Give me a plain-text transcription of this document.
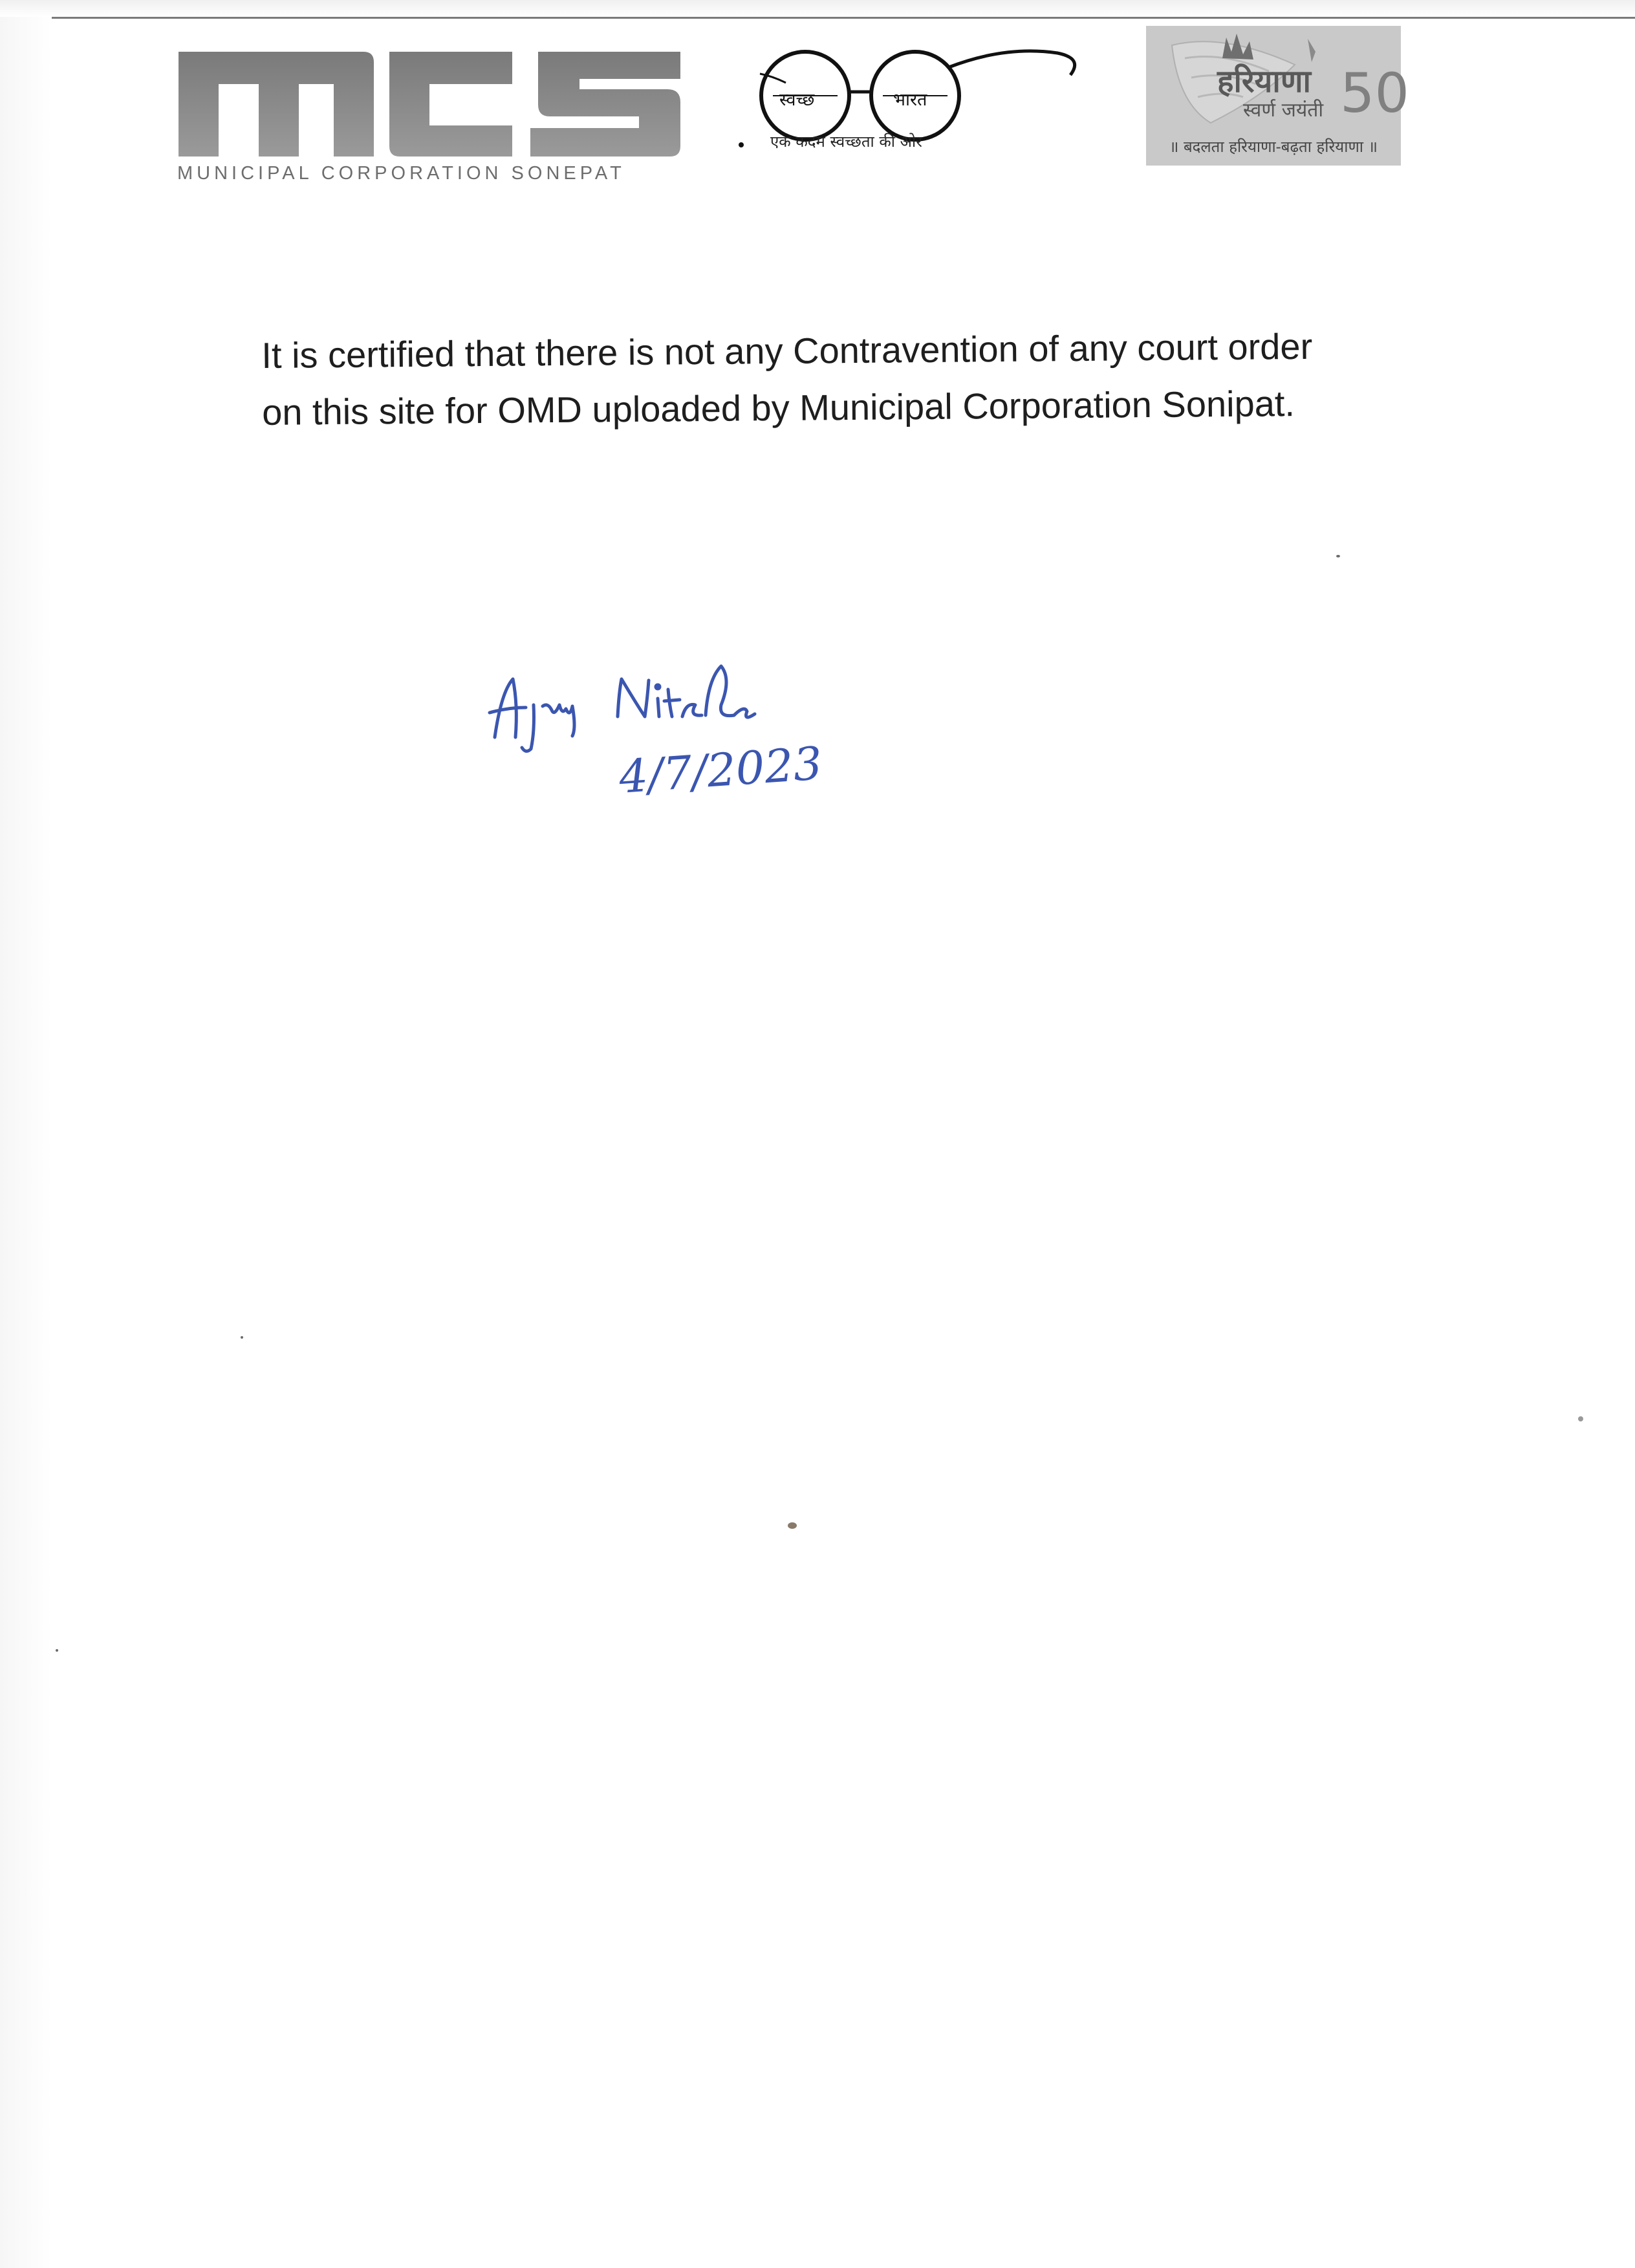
MUNICIPAL CORPORATION SONEPAT
स्वच्छ	भारत
एक कदम स्वच्छता की ओर
हरियाणा
स्वर्ण जयंती 50
॥ बदलता हरियाणा-बढ़ता हरियाणा ॥
It is certified that there is not any Contravention of any court order
on this site for OMD uploaded by Municipal Corporation Sonipat.
4/7/2023
